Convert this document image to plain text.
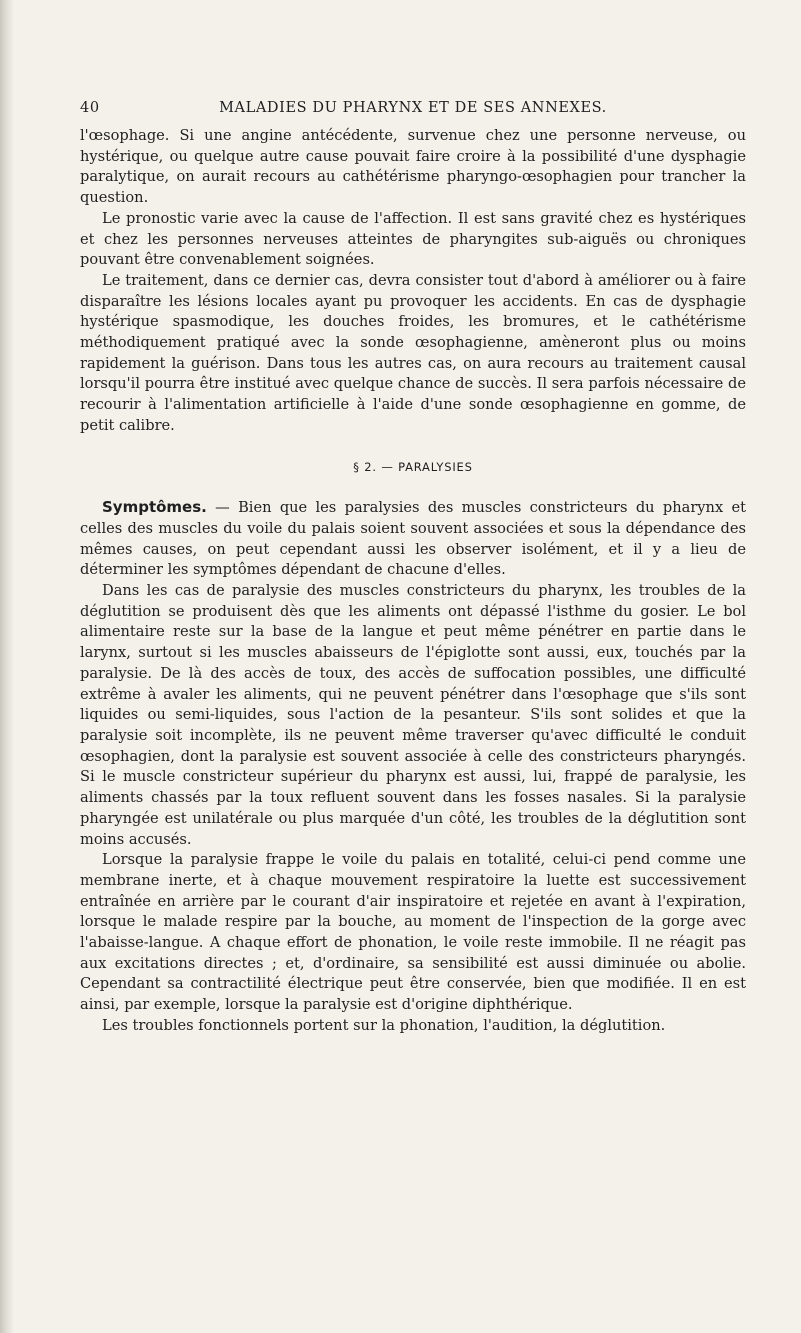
40	MALADIES DU PHARYNX ET DE SES ANNEXES.

l'œsophage. Si une angine antécédente, survenue chez une personne nerveuse, ou hystérique, ou quelque autre cause pouvait faire croire à la possibilité d'une dysphagie paralytique, on aurait recours au cathétérisme pharyngo-œsophagien pour trancher la question.

Le pronostic varie avec la cause de l'affection. Il est sans gravité chez es hystériques et chez les personnes nerveuses atteintes de pharyngites sub-aiguës ou chroniques pouvant être convenablement soignées.

Le traitement, dans ce dernier cas, devra consister tout d'abord à améliorer ou à faire disparaître les lésions locales ayant pu provoquer les accidents. En cas de dysphagie hystérique spasmodique, les douches froides, les bromures, et le cathétérisme méthodiquement pratiqué avec la sonde œsophagienne, amèneront plus ou moins rapidement la guérison. Dans tous les autres cas, on aura recours au traitement causal lorsqu'il pourra être institué avec quelque chance de succès. Il sera parfois nécessaire de recourir à l'alimentation artificielle à l'aide d'une sonde œsophagienne en gomme, de petit calibre.

§ 2. — PARALYSIES

Symptômes. — Bien que les paralysies des muscles constricteurs du pharynx et celles des muscles du voile du palais soient souvent associées et sous la dépendance des mêmes causes, on peut cependant aussi les observer isolément, et il y a lieu de déterminer les symptômes dépendant de chacune d'elles.

Dans les cas de paralysie des muscles constricteurs du pharynx, les troubles de la déglutition se produisent dès que les aliments ont dépassé l'isthme du gosier. Le bol alimentaire reste sur la base de la langue et peut même pénétrer en partie dans le larynx, surtout si les muscles abaisseurs de l'épiglotte sont aussi, eux, touchés par la paralysie. De là des accès de toux, des accès de suffocation possibles, une difficulté extrême à avaler les aliments, qui ne peuvent pénétrer dans l'œsophage que s'ils sont liquides ou semi-liquides, sous l'action de la pesanteur. S'ils sont solides et que la paralysie soit incomplète, ils ne peuvent même traverser qu'avec difficulté le conduit œsophagien, dont la paralysie est souvent associée à celle des constricteurs pharyngés. Si le muscle constricteur supérieur du pharynx est aussi, lui, frappé de paralysie, les aliments chassés par la toux refluent souvent dans les fosses nasales. Si la paralysie pharyngée est unilatérale ou plus marquée d'un côté, les troubles de la déglutition sont moins accusés.

Lorsque la paralysie frappe le voile du palais en totalité, celui-ci pend comme une membrane inerte, et à chaque mouvement respiratoire la luette est successivement entraînée en arrière par le courant d'air inspiratoire et rejetée en avant à l'expiration, lorsque le malade respire par la bouche, au moment de l'inspection de la gorge avec l'abaisse-langue. A chaque effort de phonation, le voile reste immobile. Il ne réagit pas aux excitations directes ; et, d'ordinaire, sa sensibilité est aussi diminuée ou abolie. Cependant sa contractilité électrique peut être conservée, bien que modifiée. Il en est ainsi, par exemple, lorsque la paralysie est d'origine diphthérique.

Les troubles fonctionnels portent sur la phonation, l'audition, la déglutition.
